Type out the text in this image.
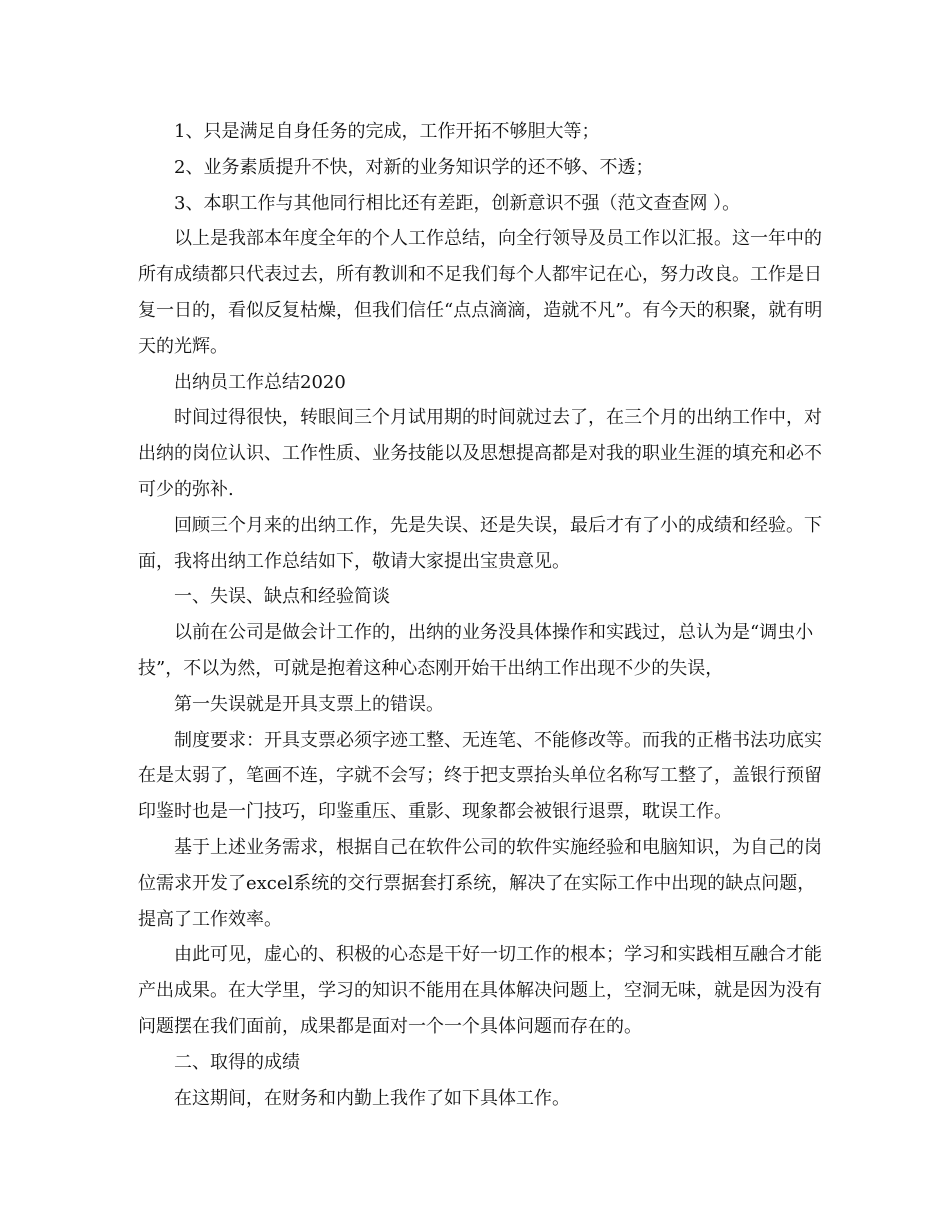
1、只是满足自身任务的完成，工作开拓不够胆大等；

2、业务素质提升不快，对新的业务知识学的还不够、不透；

3、本职工作与其他同行相比还有差距，创新意识不强（范文查查网 ）。

以上是我部本年度全年的个人工作总结，向全行领导及员工作以汇报。这一年中的所有成绩都只代表过去，所有教训和不足我们每个人都牢记在心，努力改良。工作是日复一日的，看似反复枯燥，但我们信任“点点滴滴，造就不凡”。有今天的积聚，就有明天的光辉。

出纳员工作总结2020

时间过得很快，转眼间三个月试用期的时间就过去了，在三个月的出纳工作中，对出纳的岗位认识、工作性质、业务技能以及思想提高都是对我的职业生涯的填充和必不可少的弥补.

回顾三个月来的出纳工作，先是失误、还是失误，最后才有了小的成绩和经验。下面，我将出纳工作总结如下，敬请大家提出宝贵意见。

一、失误、缺点和经验简谈

以前在公司是做会计工作的，出纳的业务没具体操作和实践过，总认为是“调虫小技”，不以为然，可就是抱着这种心态刚开始干出纳工作出现不少的失误，

第一失误就是开具支票上的错误。

制度要求：开具支票必须字迹工整、无连笔、不能修改等。而我的正楷书法功底实在是太弱了，笔画不连，字就不会写；终于把支票抬头单位名称写工整了，盖银行预留印鉴时也是一门技巧，印鉴重压、重影、现象都会被银行退票，耽误工作。

基于上述业务需求，根据自己在软件公司的软件实施经验和电脑知识，为自己的岗位需求开发了excel系统的交行票据套打系统，解决了在实际工作中出现的缺点问题，提高了工作效率。

由此可见，虚心的、积极的心态是干好一切工作的根本；学习和实践相互融合才能产出成果。在大学里，学习的知识不能用在具体解决问题上，空洞无味，就是因为没有问题摆在我们面前，成果都是面对一个一个具体问题而存在的。

二、取得的成绩

在这期间，在财务和内勤上我作了如下具体工作。
